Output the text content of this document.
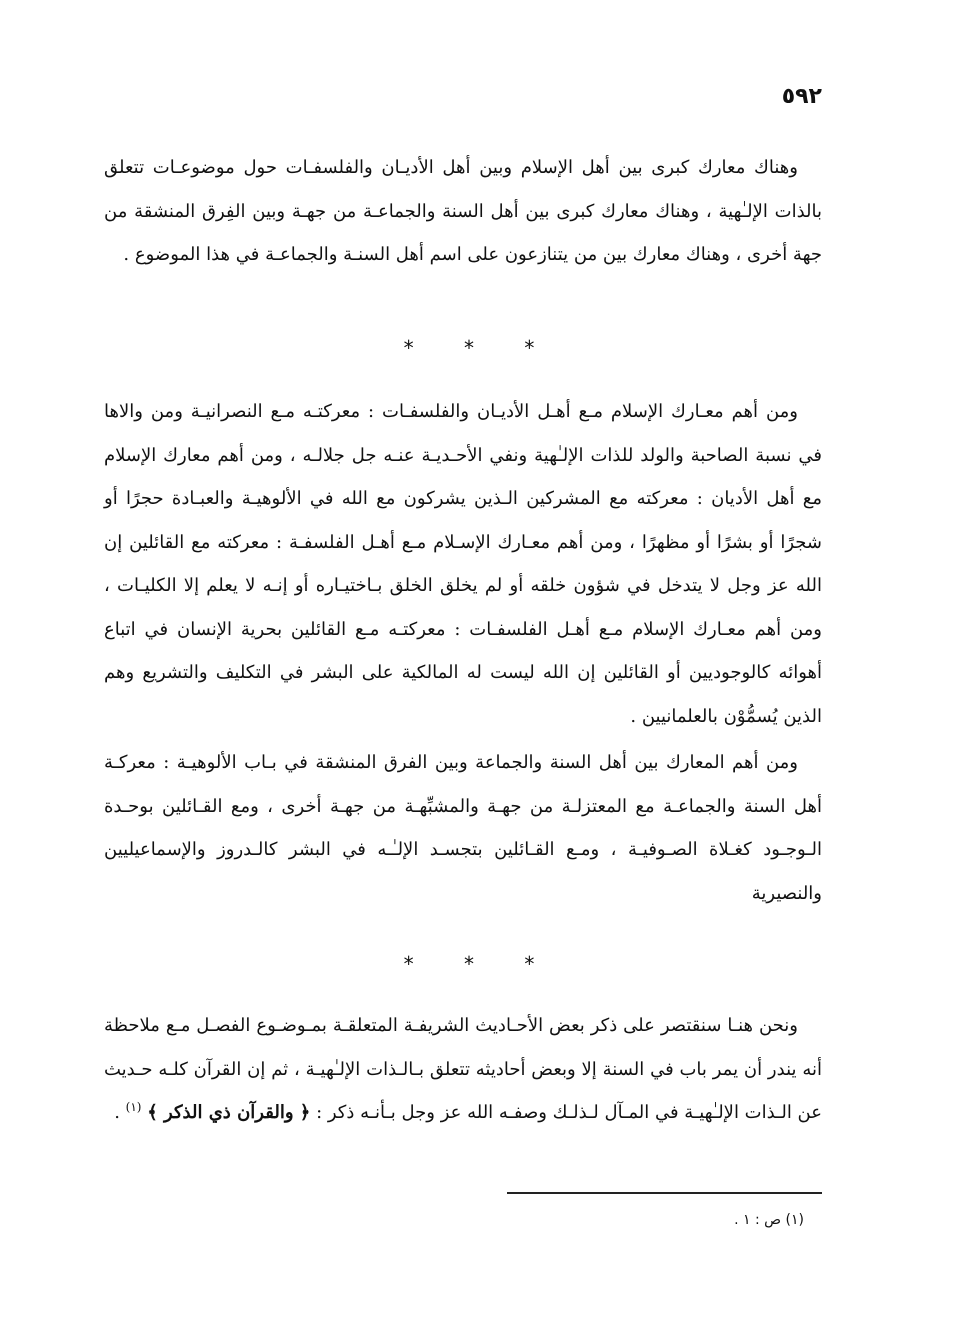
٥٩٢

وهناك معارك كبرى بين أهل الإسلام وبين أهل الأديـان والفلسفـات حول موضوعـات تتعلق بالذات الإلـٰهية ، وهناك معارك كبرى بين أهل السنة والجماعـة من جهـة وبين الفِرق المنشقة من جهة أخرى ، وهناك معارك بين من يتنازعون على اسم أهل السنـة والجماعـة في هذا الموضوع .

* * *

ومن أهم معـارك الإسلام مـع أهـل الأديـان والفلسفـات : معركتـه مـع النصرانيـة ومن والاها في نسبة الصاحبة والولد للذات الإلـٰهية ونفي الأحـديـة عنـه جل جلالـه ، ومن أهم معارك الإسلام مع أهل الأديان : معركته مع المشركين الـذين يشركون مع الله في الألوهيـة والعبـادة حجرًا أو شجرًا أو بشرًا أو مظهرًا ، ومن أهم معـارك الإسـلام مـع أهـل الفلسفـة : معركته مع القائلين إن الله عز وجل لا يتدخل في شؤون خلقه أو لم يخلق الخلق بـاختيـاره أو إنـه لا يعلم إلا الكليـات ، ومن أهم معـارك الإسلام مـع أهـل الفلسفـات : معركتـه مـع القائلين بحرية الإنسان في اتباع أهوائه كالوجوديين أو القائلين إن الله ليست له المالكية على البشر في التكليف والتشريع وهم الذين يُسمُّوْن بالعلمانيين .

ومن أهم المعارك بين أهل السنة والجماعة وبين الفرق المنشقة في بـاب الألوهيـة : معركـة أهل السنة والجماعـة مع المعتزلـة من جهـة والمشبِّهـة من جهـة أخرى ، ومع القـائلين بوحـدة الـوجـود كغـلاة الصـوفيـة ، ومـع القـائلين بتجسـد الإلـٰـه في البشر كالـدروز والإسماعيليين والنصيرية

* * *

ونحن هنـا سنقتصر على ذكر بعض الأحـاديث الشريفـة المتعلقـة بمـوضـوع الفصـل مـع ملاحظة أنه يندر أن يمر باب في السنة إلا وبعض أحاديثه تتعلق بـالـذات الإلـٰهيـة ، ثم إن القرآن كلـه حـديث عن الـذات الإلـٰهيـة في المـآل لـذلـك وصفـه الله عز وجل بـأنـه ذكر : ﴿ والقرآن ذي الذكر ﴾ $^{(١)}$ .

(١) ص : ١ .
